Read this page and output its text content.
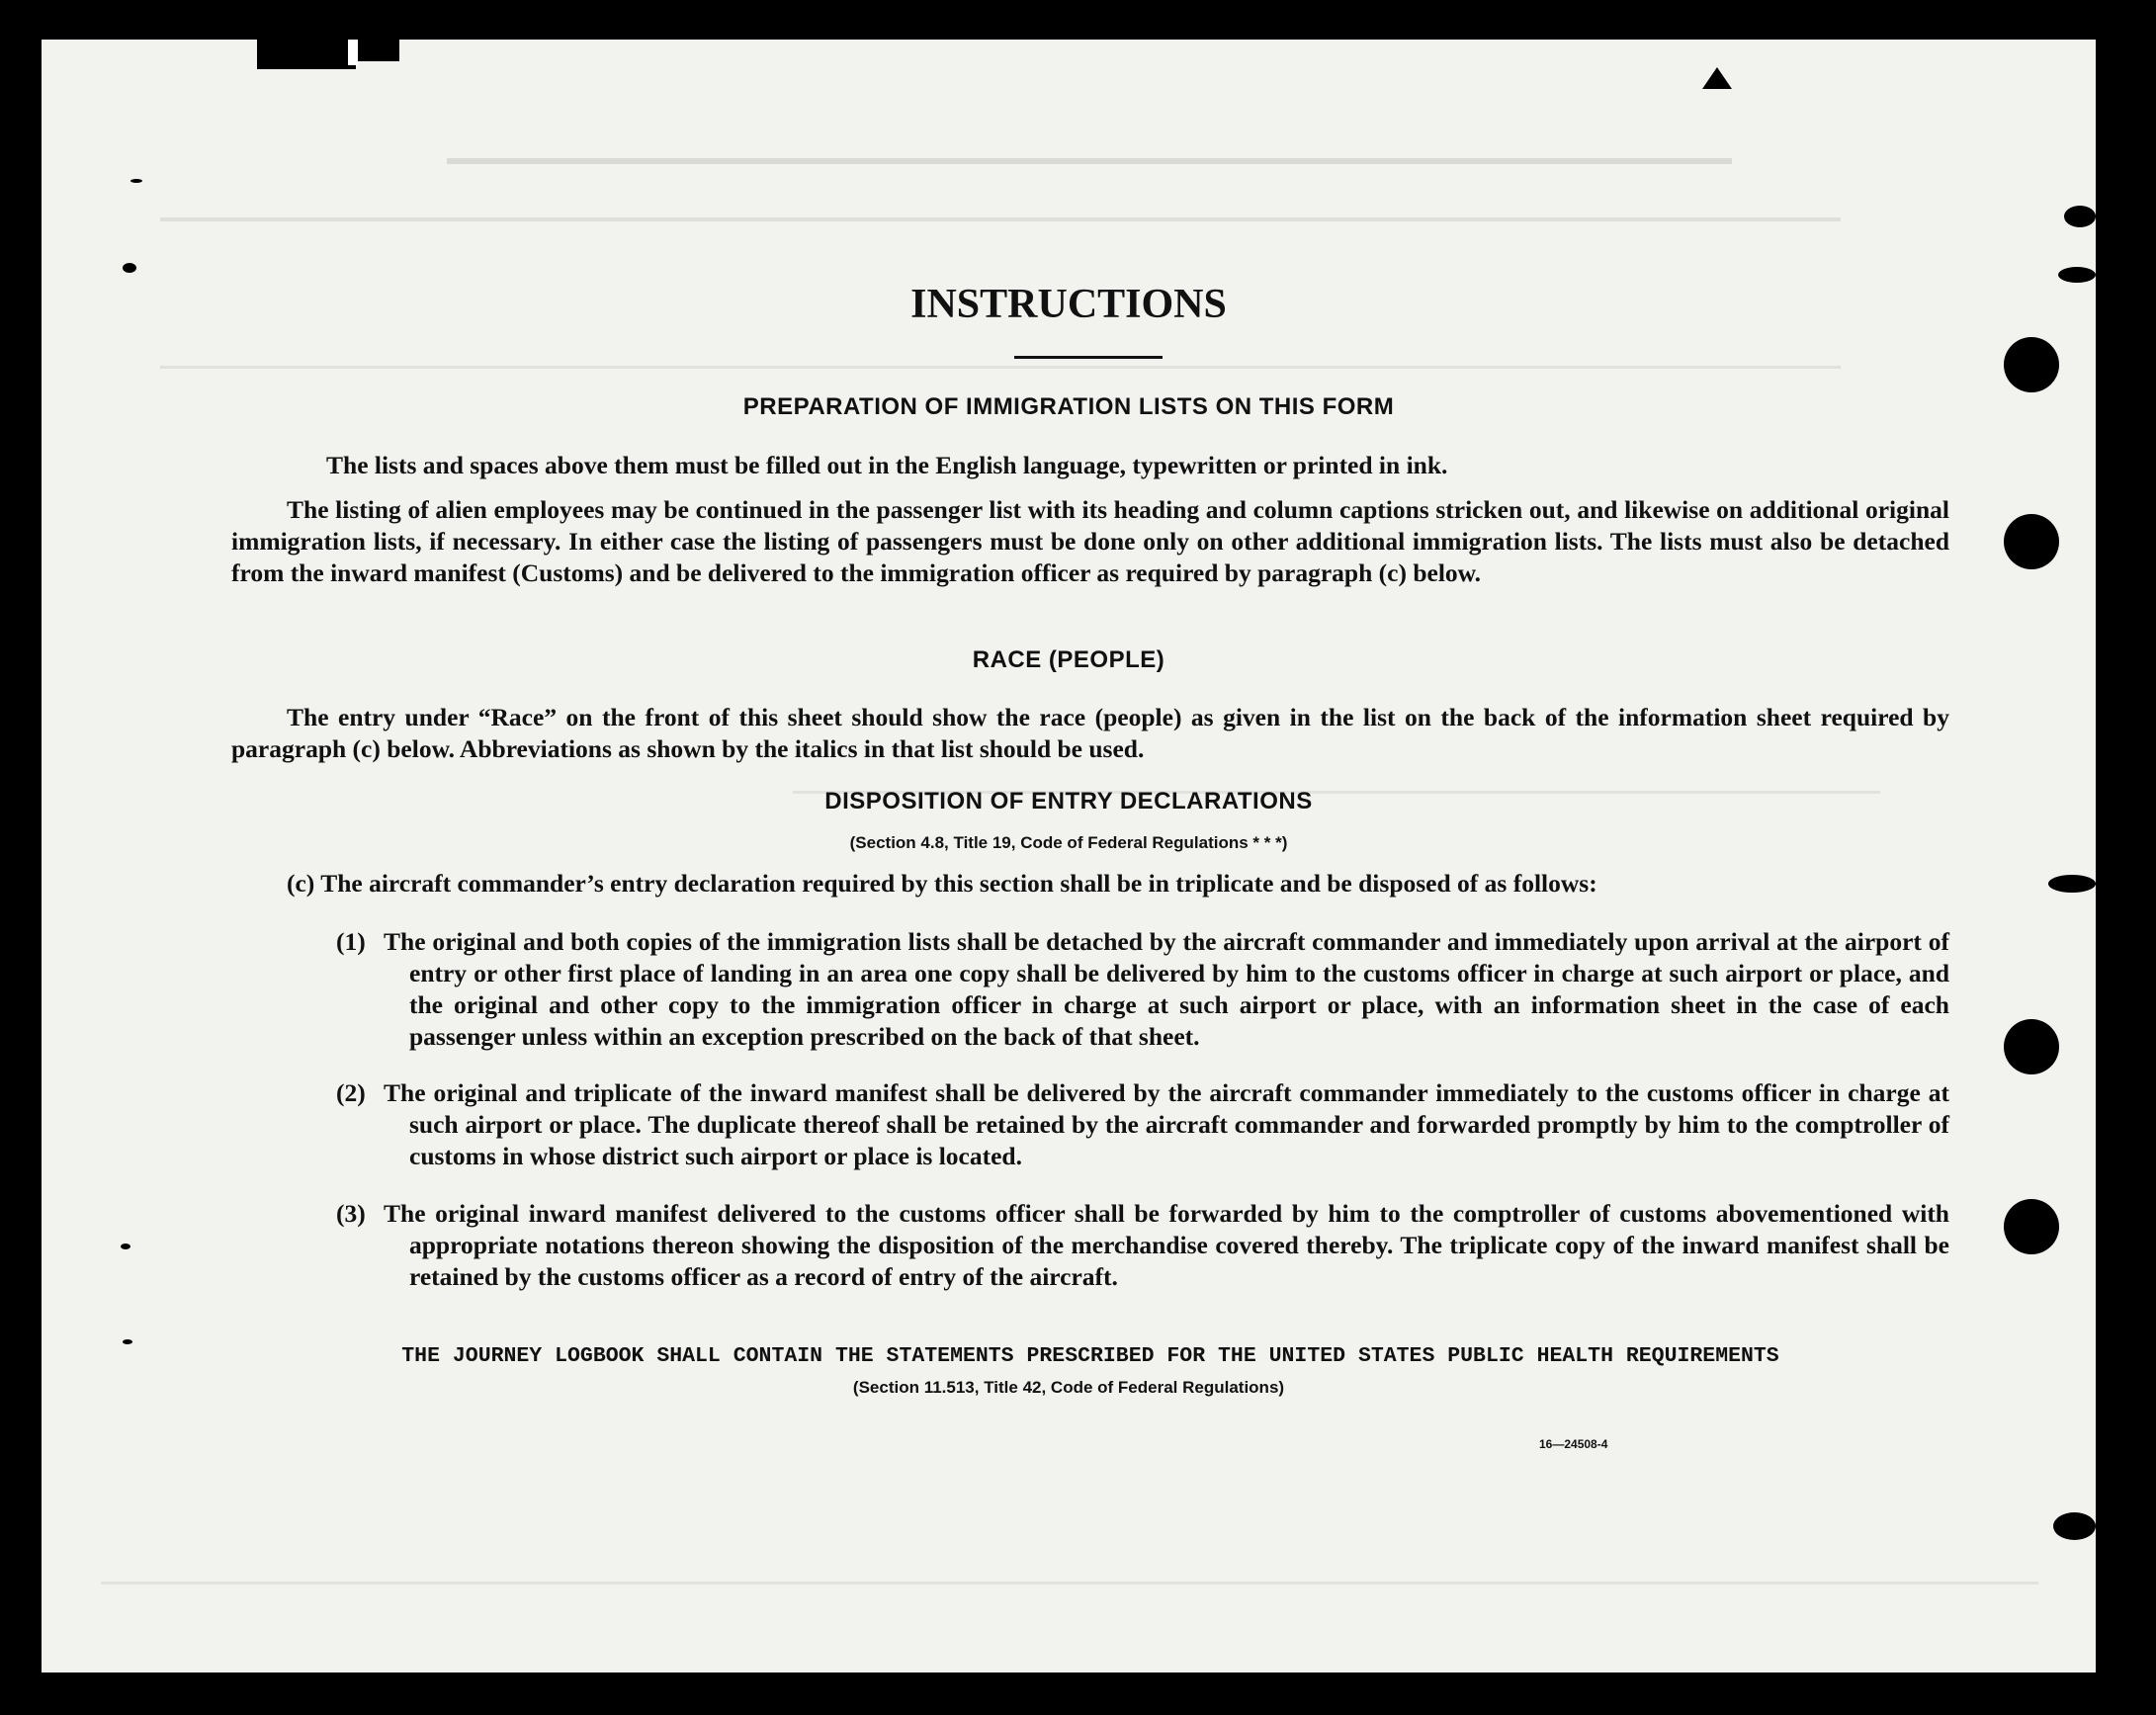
INSTRUCTIONS
PREPARATION OF IMMIGRATION LISTS ON THIS FORM
The lists and spaces above them must be filled out in the English language, typewritten or printed in ink.
The listing of alien employees may be continued in the passenger list with its heading and column captions stricken out, and likewise on additional original immigration lists, if necessary. In either case the listing of passengers must be done only on other additional immigration lists. The lists must also be detached from the inward manifest (Customs) and be delivered to the immigration officer as required by paragraph (c) below.
RACE (PEOPLE)
The entry under “Race” on the front of this sheet should show the race (people) as given in the list on the back of the information sheet required by paragraph (c) below. Abbreviations as shown by the italics in that list should be used.
DISPOSITION OF ENTRY DECLARATIONS
(Section 4.8, Title 19, Code of Federal Regulations * * *)
(c) The aircraft commander’s entry declaration required by this section shall be in triplicate and be disposed of as follows:
(1) The original and both copies of the immigration lists shall be detached by the aircraft commander and immediately upon arrival at the airport of entry or other first place of landing in an area one copy shall be delivered by him to the customs officer in charge at such airport or place, and the original and other copy to the immigration officer in charge at such airport or place, with an information sheet in the case of each passenger unless within an exception prescribed on the back of that sheet.
(2) The original and triplicate of the inward manifest shall be delivered by the aircraft commander immediately to the customs officer in charge at such airport or place. The duplicate thereof shall be retained by the aircraft commander and forwarded promptly by him to the comptroller of customs in whose district such airport or place is located.
(3) The original inward manifest delivered to the customs officer shall be forwarded by him to the comptroller of customs abovementioned with appropriate notations thereon showing the disposition of the merchandise covered thereby. The triplicate copy of the inward manifest shall be retained by the customs officer as a record of entry of the aircraft.
THE JOURNEY LOGBOOK SHALL CONTAIN THE STATEMENTS PRESCRIBED FOR THE UNITED STATES PUBLIC HEALTH REQUIREMENTS
(Section 11.513, Title 42, Code of Federal Regulations)
16—24508-4
